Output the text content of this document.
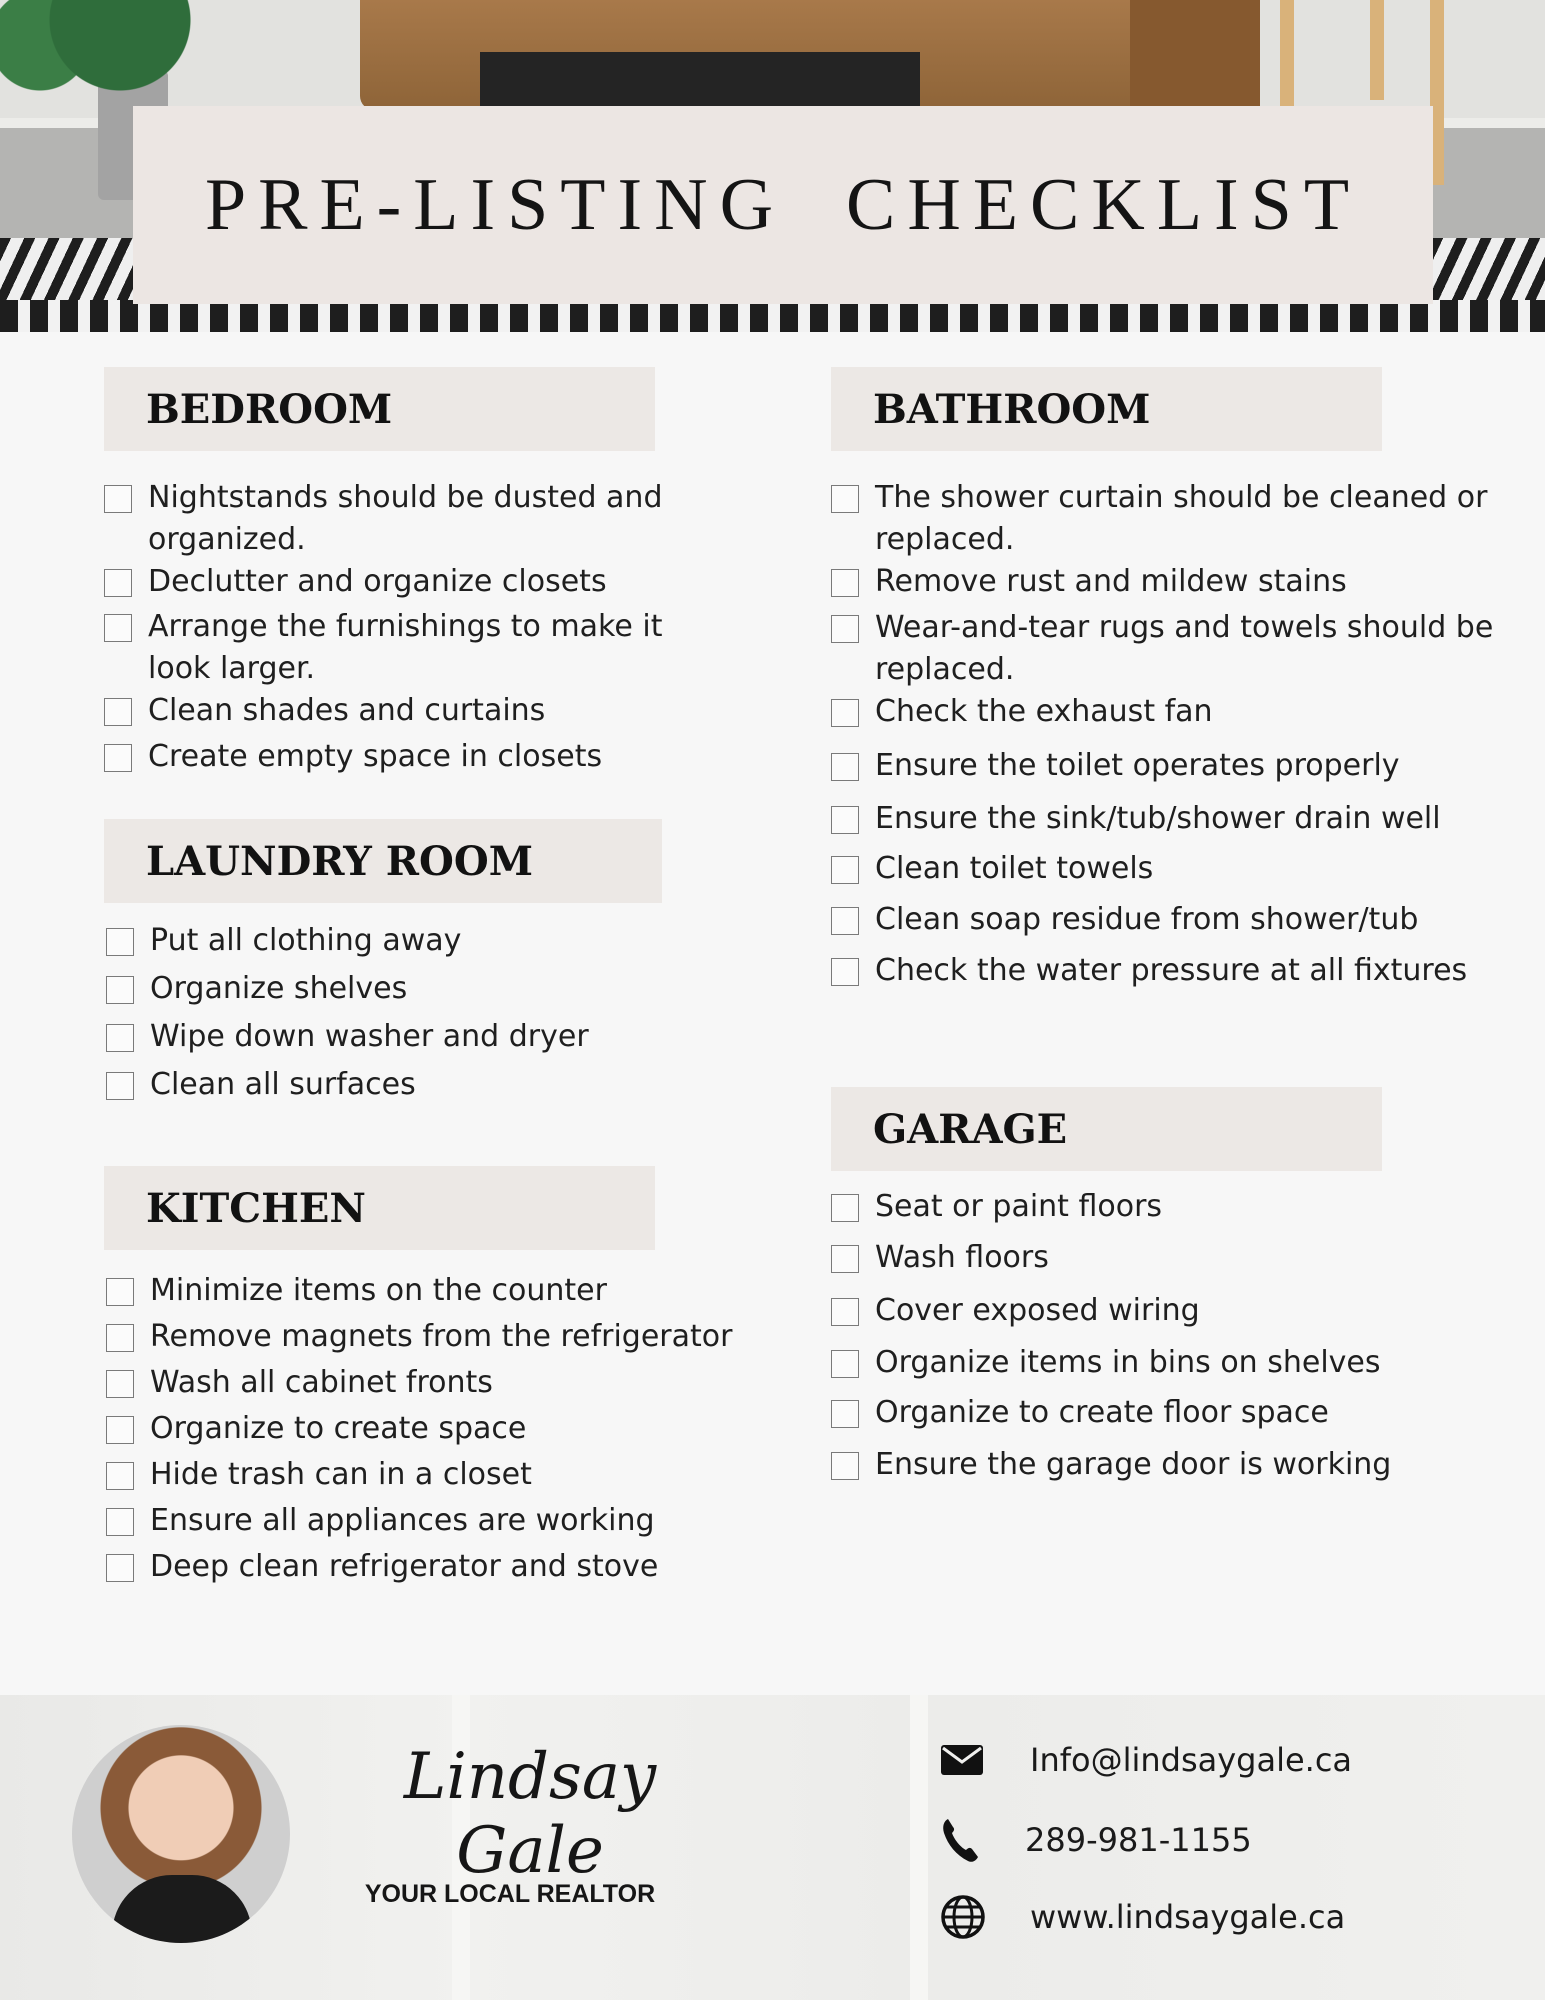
PRE-LISTING  CHECKLIST
BEDROOM
Nightstands should be dusted and organized.
Declutter and organize closets
Arrange the furnishings to make it look larger.
Clean shades and curtains
Create empty space in closets
LAUNDRY ROOM
Put all clothing away
Organize shelves
Wipe down washer and dryer
Clean all surfaces
KITCHEN
Minimize items on the counter
Remove magnets from the refrigerator
Wash all cabinet fronts
Organize to create space
Hide trash can in a closet
Ensure all appliances are working
Deep clean refrigerator and stove
BATHROOM
The shower curtain should be cleaned or replaced.
Remove rust and mildew stains
Wear-and-tear rugs and towels should be replaced.
Check the exhaust fan
Ensure the toilet operates properly
Ensure the sink/tub/shower drain well
Clean toilet towels
Clean soap residue from shower/tub
Check the water pressure at all fixtures
GARAGE
Seat or paint floors
Wash floors
Cover exposed wiring
Organize items in bins on shelves
Organize to create floor space
Ensure the garage door is working
Lindsay Gale
YOUR LOCAL REALTOR
Info@lindsaygale.ca
289-981-1155
www.lindsaygale.ca
